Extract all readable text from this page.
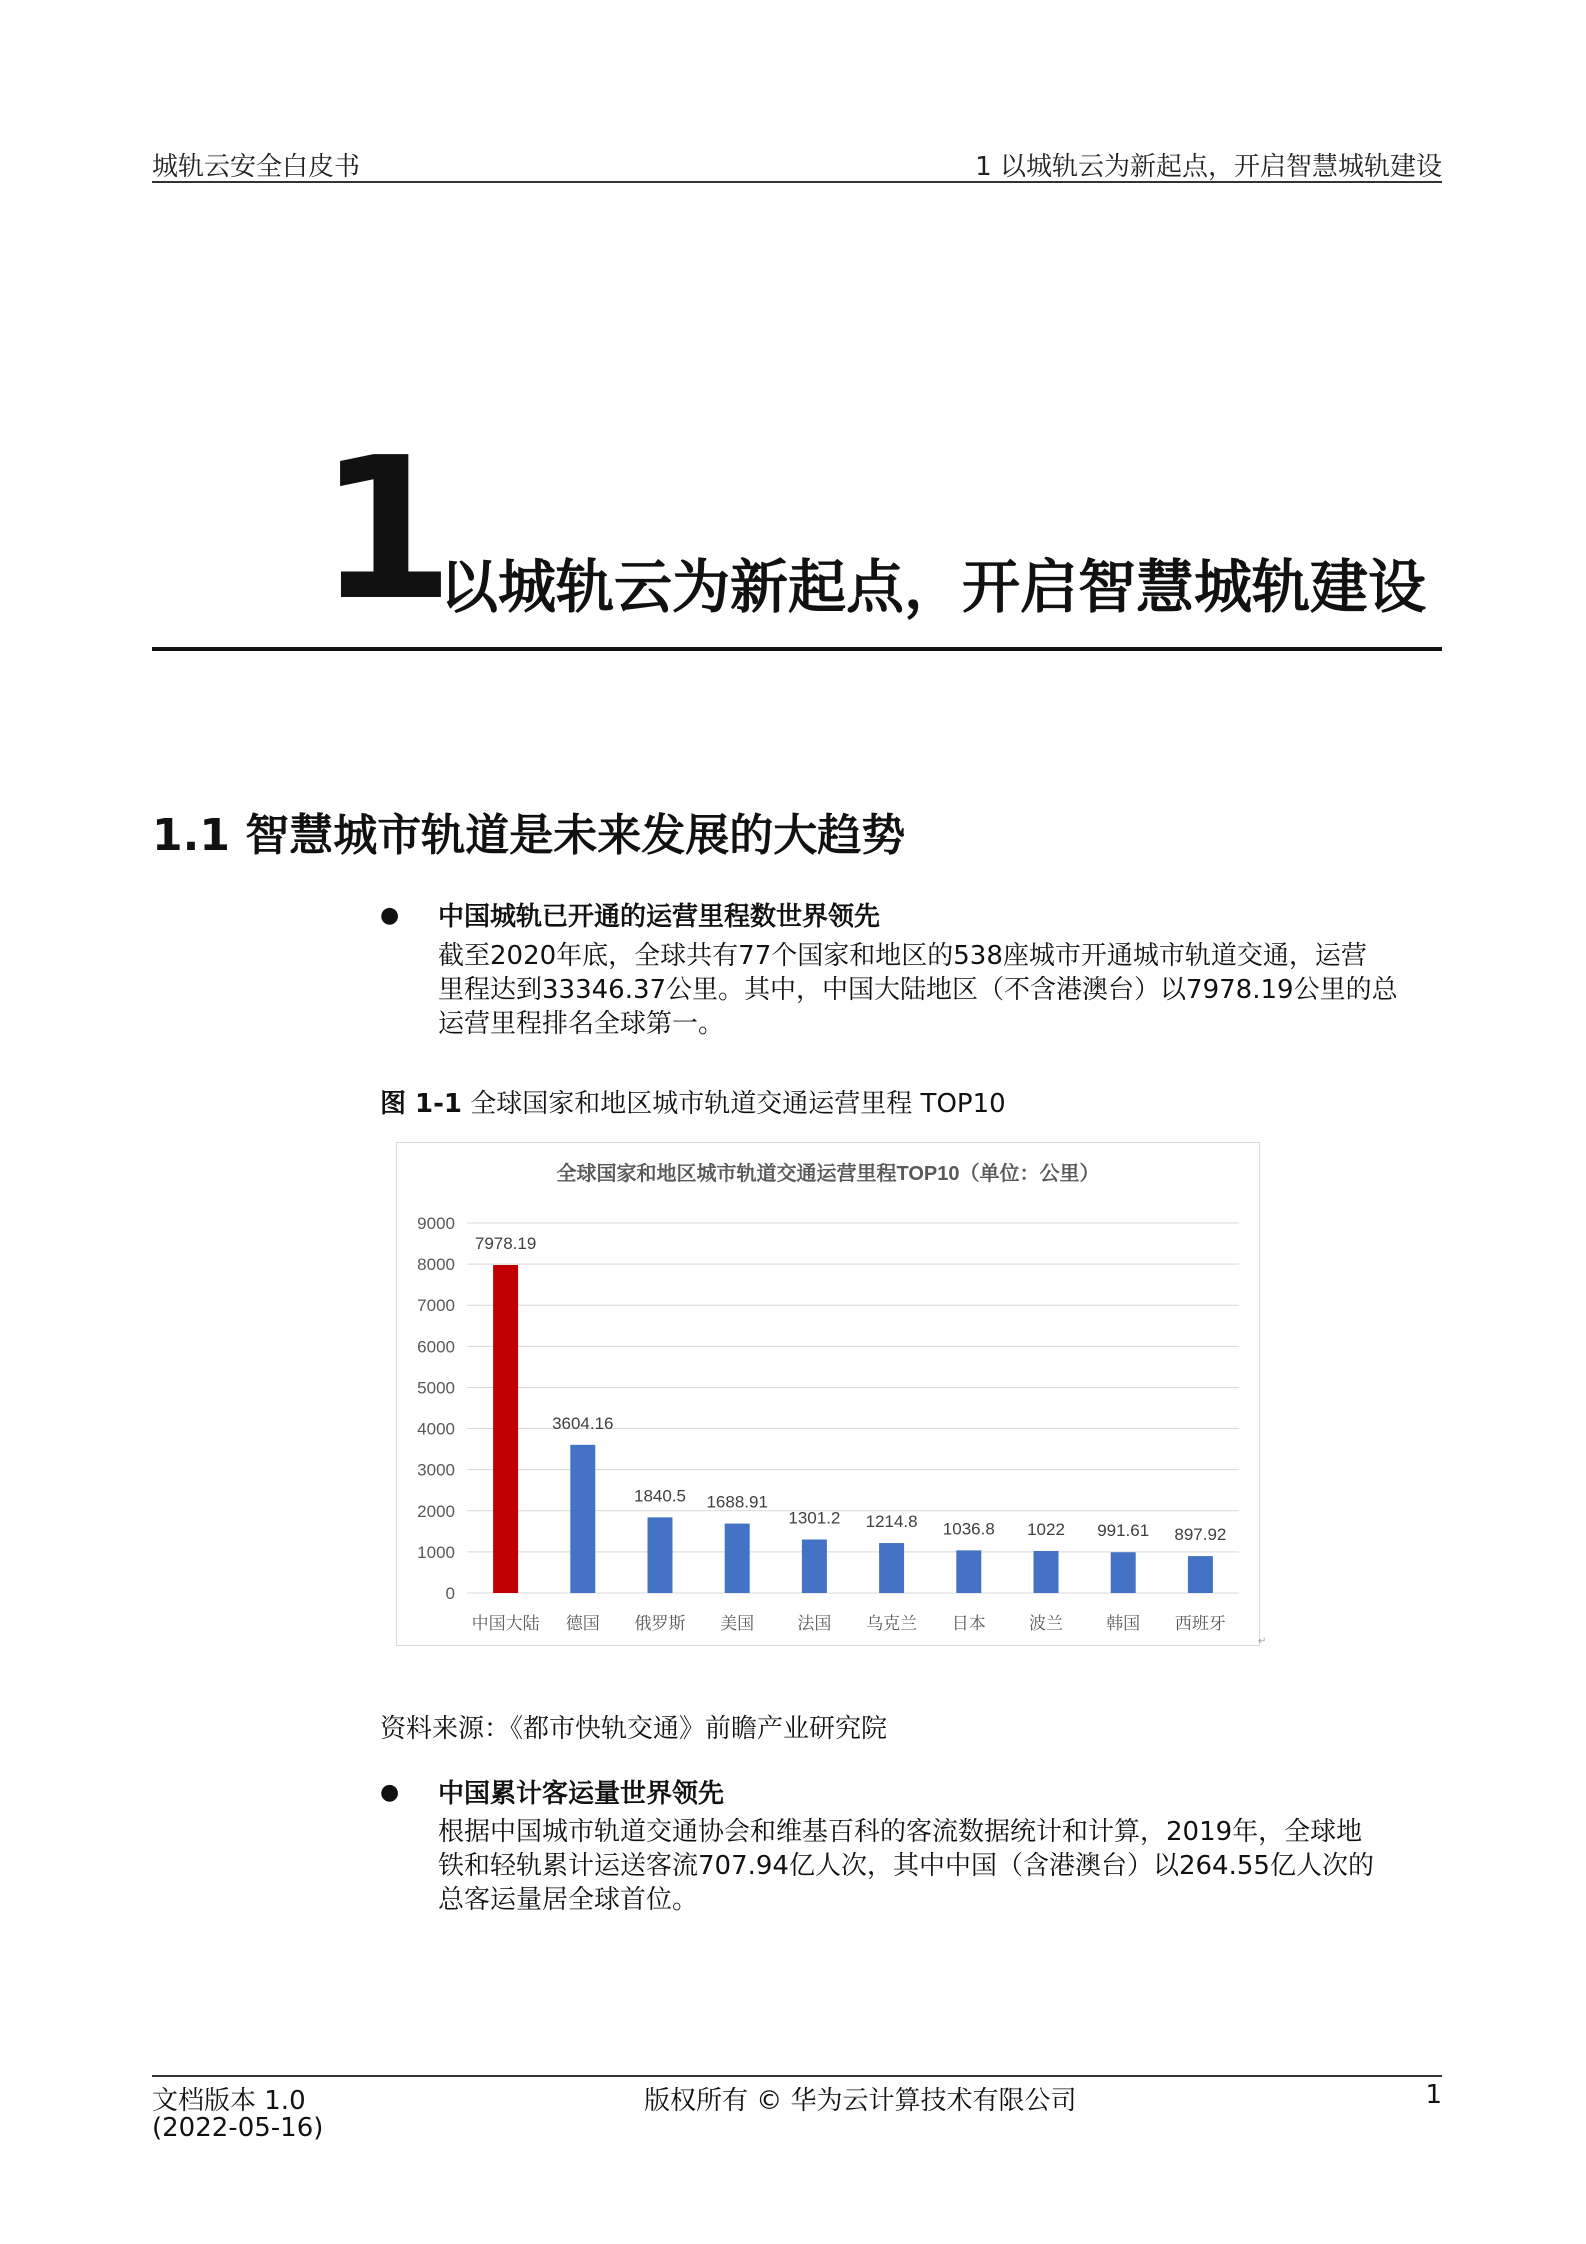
城轨云安全白皮书	1 以城轨云为新起点，开启智慧城轨建设
1
以城轨云为新起点，开启智慧城轨建设
1.1 智慧城市轨道是未来发展的大趋势
● 中国城轨已开通的运营里程数世界领先
截至2020年底，全球共有77个国家和地区的538座城市开通城市轨道交通，运营
里程达到33346.37公里。其中，中国大陆地区（不含港澳台）以7978.19公里的总
运营里程排名全球第一。
图 1-1 全球国家和地区城市轨道交通运营里程 TOP10
全球国家和地区城市轨道交通运营里程TOP10（单位：公里）
0
1000
2000
3000
4000
5000
6000
7000
8000
9000
7978.19
中国大陆
3604.16
德国
1840.5
俄罗斯
1688.91
美国
1301.2
法国
1214.8
乌克兰
1036.8
日本
1022
波兰
991.61
韩国
897.92
西班牙
↵
资料来源：《都市快轨交通》前瞻产业研究院
● 中国累计客运量世界领先
根据中国城市轨道交通协会和维基百科的客流数据统计和计算，2019年，全球地
铁和轻轨累计运送客流707.94亿人次，其中中国（含港澳台）以264.55亿人次的
总客运量居全球首位。
文档版本 1.0
(2022-05-16)
版权所有 © 华为云计算技术有限公司	1
